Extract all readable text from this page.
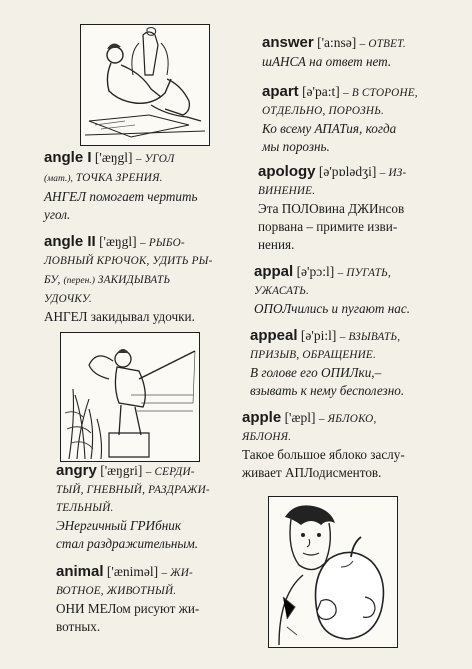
angle I ['æŋgl] – УГОЛ
(мат.), ТОЧКА ЗРЕНИЯ.
АНГЕЛ помогает чертить
угол.
angle II ['æŋgl] – РЫБО-
ЛОВНЫЙ КРЮЧОК, УДИТЬ РЫ-
БУ, (перен.) ЗАКИДЫВАТЬ
УДОЧКУ.
АНГЕЛ закидывал удочки.
angry ['æŋgri] – СЕРДИ-
ТЫЙ, ГНЕВНЫЙ, РАЗДРАЖИ-
ТЕЛЬНЫЙ.
ЭНергичный ГРИбник
стал раздражительным.
animal ['æniməl] – ЖИ-
ВОТНОЕ, ЖИВОТНЫЙ.
ОНИ МЕЛом рисуют жи-
вотных.
answer ['a:nsə] – ОТВЕТ.
шАНСА на ответ нет.
apart [ə'pa:t] – В СТОРОНЕ,
ОТДЕЛЬНО, ПОРОЗНЬ.
Ко всему АПАТия, когда
мы порознь.
apology [ə'pɒlədʒi] – ИЗ-
ВИНЕНИЕ.
Эта ПОЛОвина ДЖИнсов
порвана – примите изви-
нения.
appal [ə'pɔ:l] – ПУГАТЬ,
УЖАСАТЬ.
ОПОЛчились и пугают нас.
appeal [ə'pi:l] – ВЗЫВАТЬ,
ПРИЗЫВ, ОБРАЩЕНИЕ.
В голове его ОПИЛки,–
взывать к нему бесполезно.
apple ['æpl] – ЯБЛОКО,
ЯБЛОНЯ.
Такое большое яблоко заслу-
живает АПЛодисментов.
